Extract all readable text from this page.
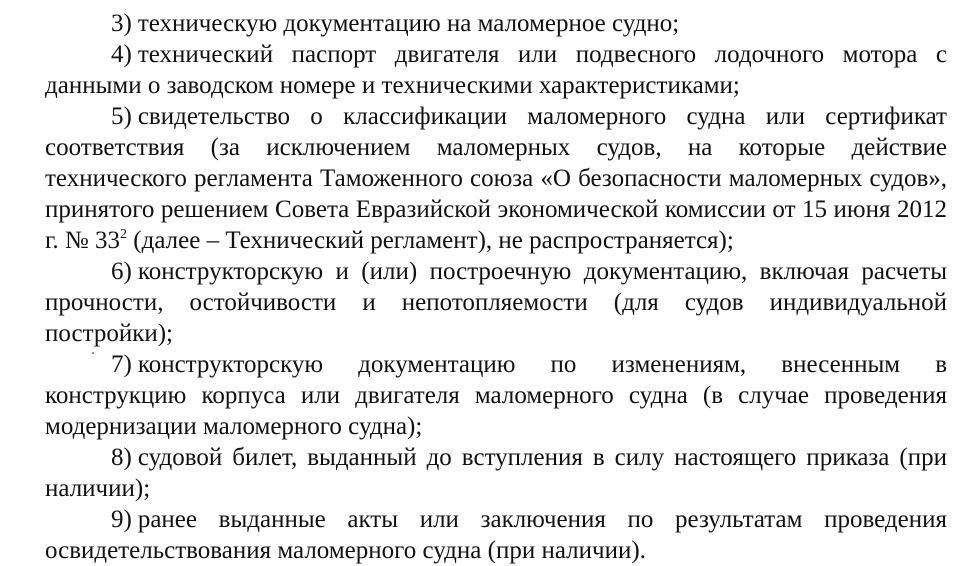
3) техническую документацию на маломерное судно;

4) технический паспорт двигателя или подвесного лодочного мотора с данными о заводском номере и техническими характеристиками;

5) свидетельство о классификации маломерного судна или сертификат соответствия (за исключением маломерных судов, на которые действие технического регламента Таможенного союза «О безопасности маломерных судов», принятого решением Совета Евразийской экономической комиссии от 15 июня 2012 г. № $33^2$ (далее – Технический регламент), не распространяется);

6) конструкторскую и (или) построечную документацию, включая расчеты прочности, остойчивости и непотопляемости (для судов индивидуальной постройки);

7) конструкторскую документацию по изменениям, внесенным в конструкцию корпуса или двигателя маломерного судна (в случае проведения модернизации маломерного судна);

8) судовой билет, выданный до вступления в силу настоящего приказа (при наличии);

9) ранее выданные акты или заключения по результатам проведения освидетельствования маломерного судна (при наличии).
